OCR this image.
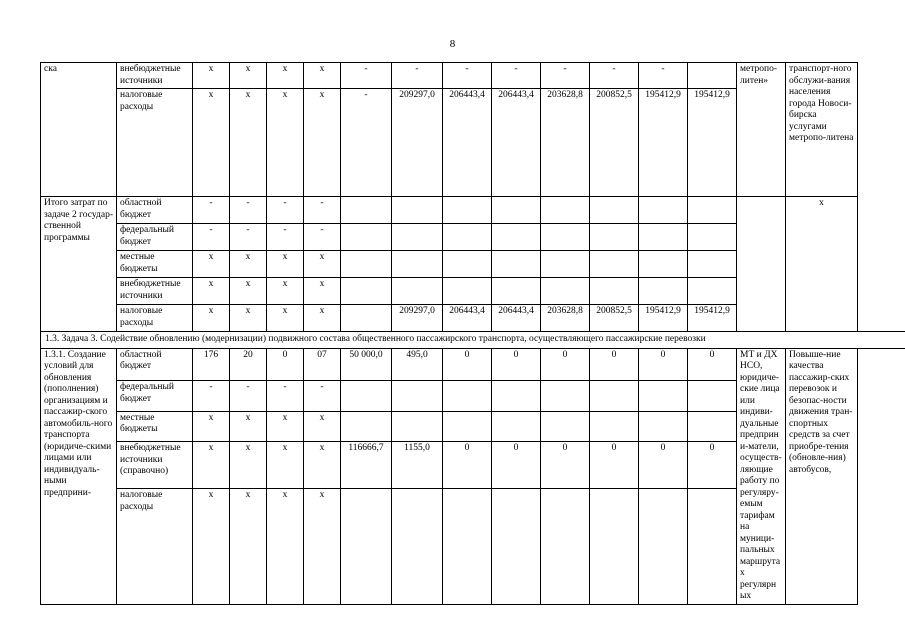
8
ска	внебюджетные источники	х	х	х	х	-	-	-	-	-	-	-		метропо-литен»	транспорт-ного обслужи-вания населения города Новоси-бирска услугами метропо-литена
	налоговые расходы	х	х	х	х	-	209297,0	206443,4	206443,4	203628,8	200852,5	195412,9	195412,9		
Итого затрат по задаче 2 государ-ственной программы	областной бюджет	-	-	-	-										х
	федеральный бюджет	-	-	-	-										
	местные бюджеты	х	х	х	х										
	внебюджетные источники	х	х	х	х										
	налоговые расходы	х	х	х	х		209297,0	206443,4	206443,4	203628,8	200852,5	195412,9	195412,9		
1.3. Задача 3. Содействие обновлению (модернизации) подвижного состава общественного пассажирского транспорта, осуществляющего пассажирские перевозки															
1.3.1. Создание условий для обновления (пополнения) организациям и пассажир-ского автомобиль-ного транспорта (юридиче-скими лицами или индивидуаль-ными предприни-	областной бюджет	176	20	0	07	50 000,0	495,0	0	0	0	0	0	0	МТ и ДХ НСО, юридиче-ские лица или индиви-дуальные предприни-матели, осуществ-ляющие работу по регуляру-емым тарифам на муници-пальных маршрутах регулярных	Повыше-ние качества пассажир-ских перевозок и безопас-ности движения тран-спортных средств за счет приобре-тения (обновле-ния) автобусов,
	федеральный бюджет	-	-	-	-										
	местные бюджеты	х	х	х	х										
	внебюджетные источники (справочно)	х	х	х	х	116666,7	1155,0	0	0	0	0	0	0		
	налоговые расходы	х	х	х	х										
